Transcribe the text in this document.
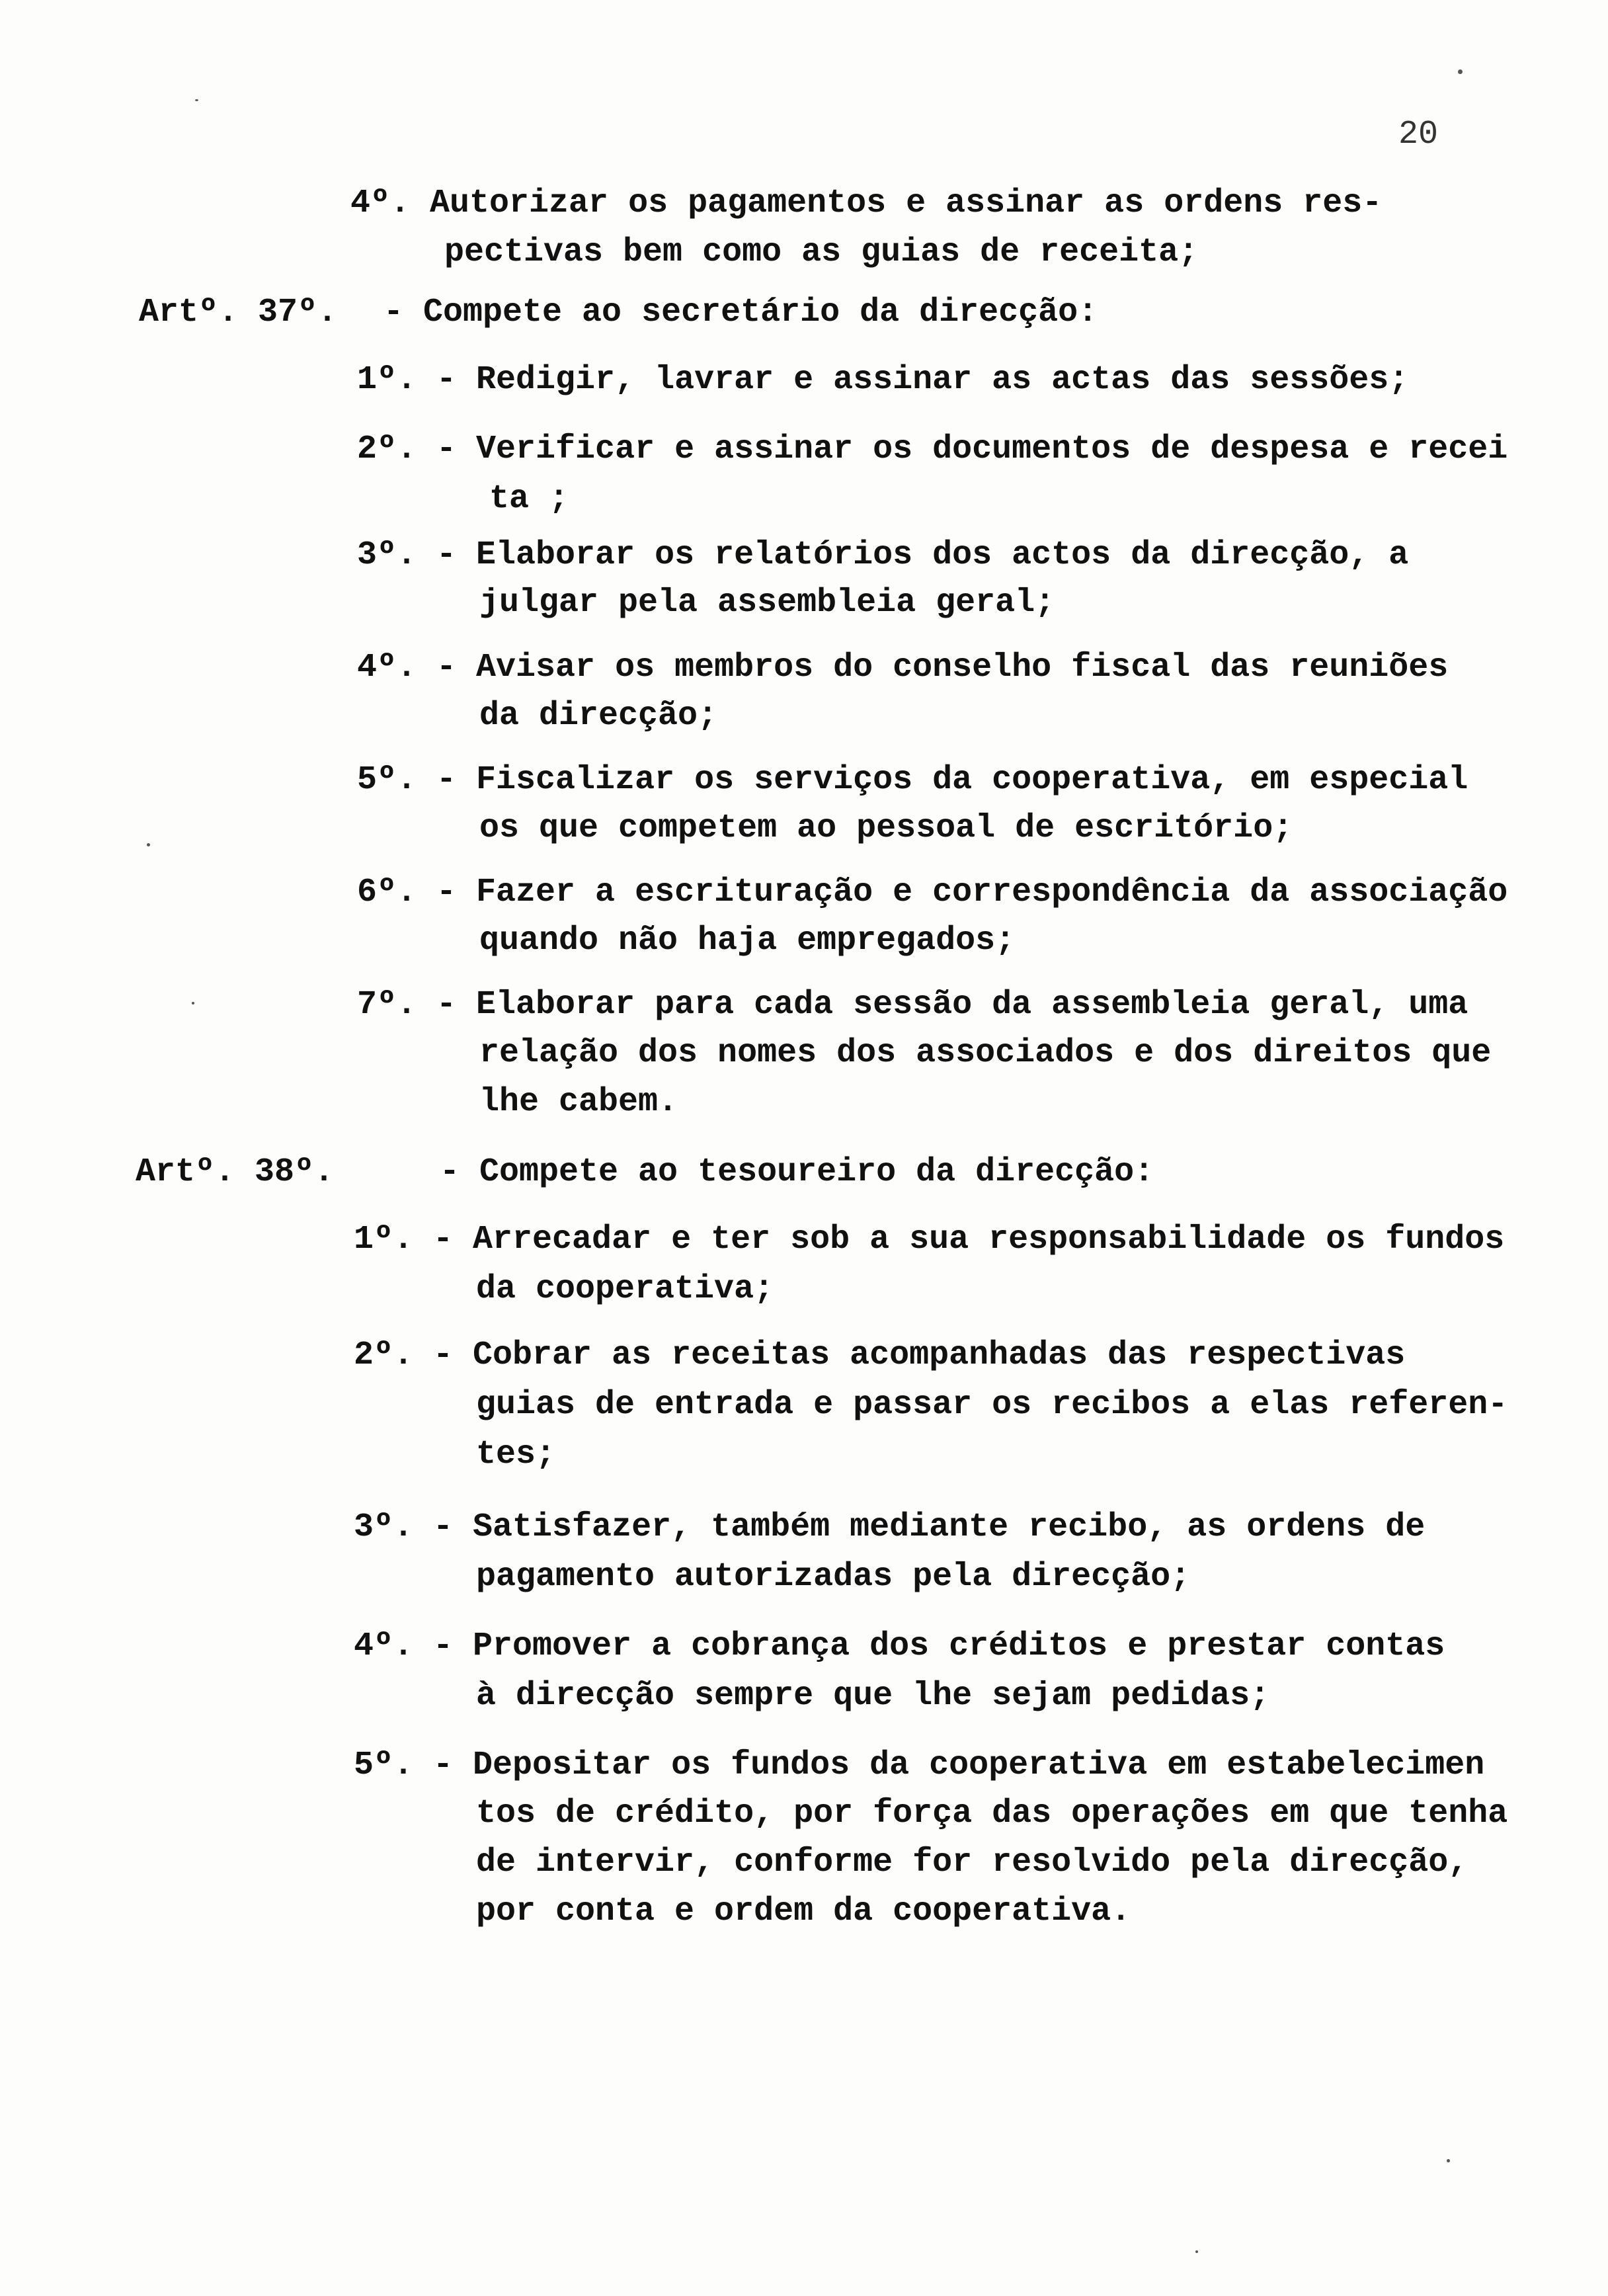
20
4º. Autorizar os pagamentos e assinar as ordens res-
pectivas bem como as guias de receita;
Artº. 37º. - Compete ao secretário da direcção:
1º. - Redigir, lavrar e assinar as actas das sessões;
2º. - Verificar e assinar os documentos de despesa e recei
ta ;
3º. - Elaborar os relatórios dos actos da direcção, a
julgar pela assembleia geral;
4º. - Avisar os membros do conselho fiscal das reuniões
da direcção;
5º. - Fiscalizar os serviços da cooperativa, em especial
os que competem ao pessoal de escritório;
6º. - Fazer a escrituração e correspondência da associação
quando não haja empregados;
7º. - Elaborar para cada sessão da assembleia geral, uma
relação dos nomes dos associados e dos direitos que
lhe cabem.
Artº. 38º.	- Compete ao tesoureiro da direcção:
1º. - Arrecadar e ter sob a sua responsabilidade os fundos
da cooperativa;
2º. - Cobrar as receitas acompanhadas das respectivas
guias de entrada e passar os recibos a elas referen-
tes;
3º. - Satisfazer, também mediante recibo, as ordens de
pagamento autorizadas pela direcção;
4º. - Promover a cobrança dos créditos e prestar contas
à direcção sempre que lhe sejam pedidas;
5º. - Depositar os fundos da cooperativa em estabelecimen
tos de crédito, por força das operações em que tenha
de intervir, conforme for resolvido pela direcção,
por conta e ordem da cooperativa.
